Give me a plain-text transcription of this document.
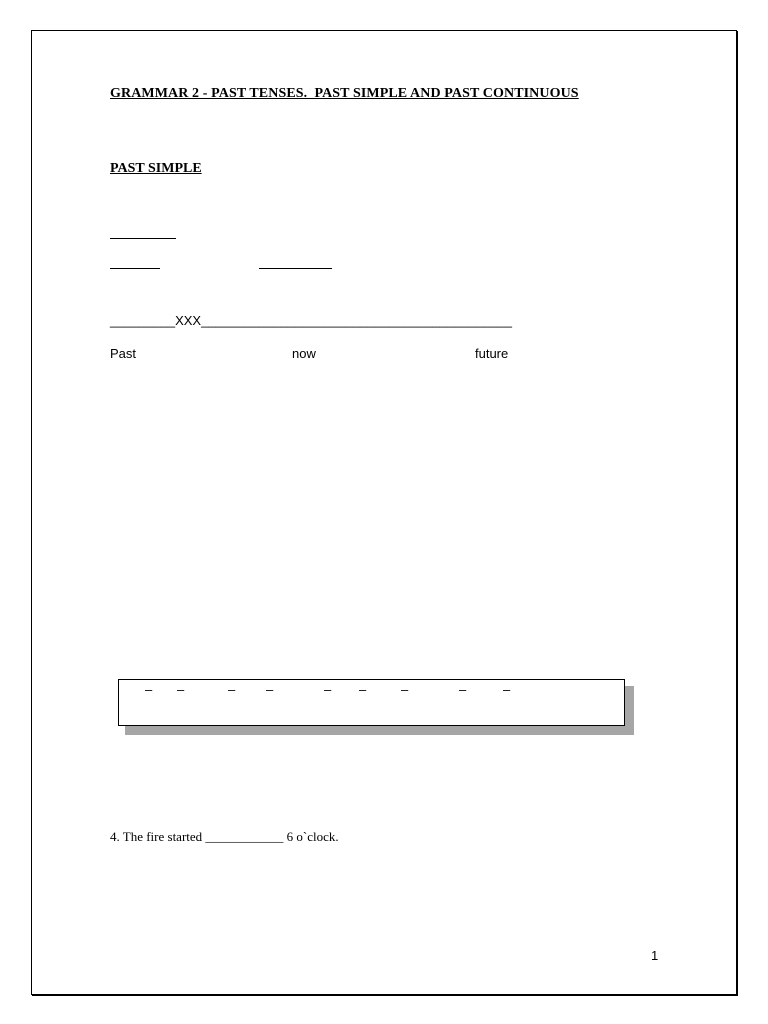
GRAMMAR 2 - PAST TENSES.  PAST SIMPLE AND PAST CONTINUOUS
PAST SIMPLE
_________XXX___________________________________________
Past	now	future
– –	– –	– –	–	–	–
4. The fire started ____________ 6 o`clock.
1
